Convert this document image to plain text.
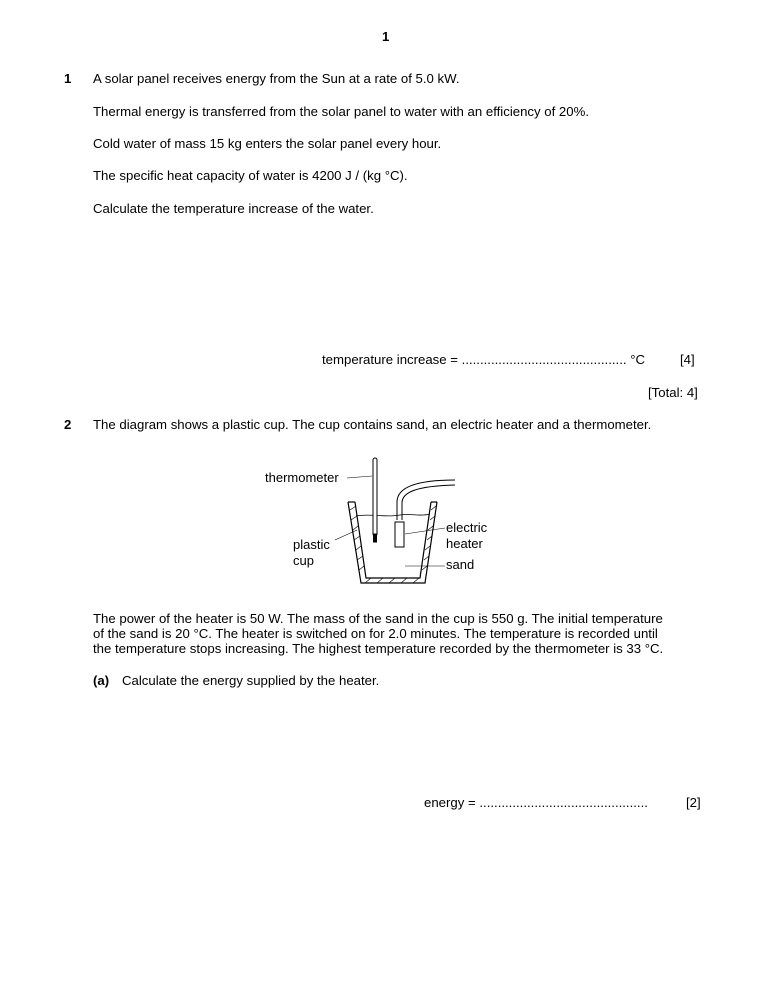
1
1 A solar panel receives energy from the Sun at a rate of 5.0 kW.
Thermal energy is transferred from the solar panel to water with an efficiency of 20%.
Cold water of mass 15 kg enters the solar panel every hour.
The specific heat capacity of water is 4200 J / (kg °C).
Calculate the temperature increase of the water.
temperature increase = ............................................. °C	[4]
[Total: 4]
2 The diagram shows a plastic cup. The cup contains sand, an electric heater and a thermometer.
thermometer
plastic
cup
electric
heater
sand
The power of the heater is 50 W. The mass of the sand in the cup is 550 g. The initial temperature
of the sand is 20 °C. The heater is switched on for 2.0 minutes. The temperature is recorded until
the temperature stops increasing. The highest temperature recorded by the thermometer is 33 °C.
(a) Calculate the energy supplied by the heater.
energy = ..............................................	[2]
